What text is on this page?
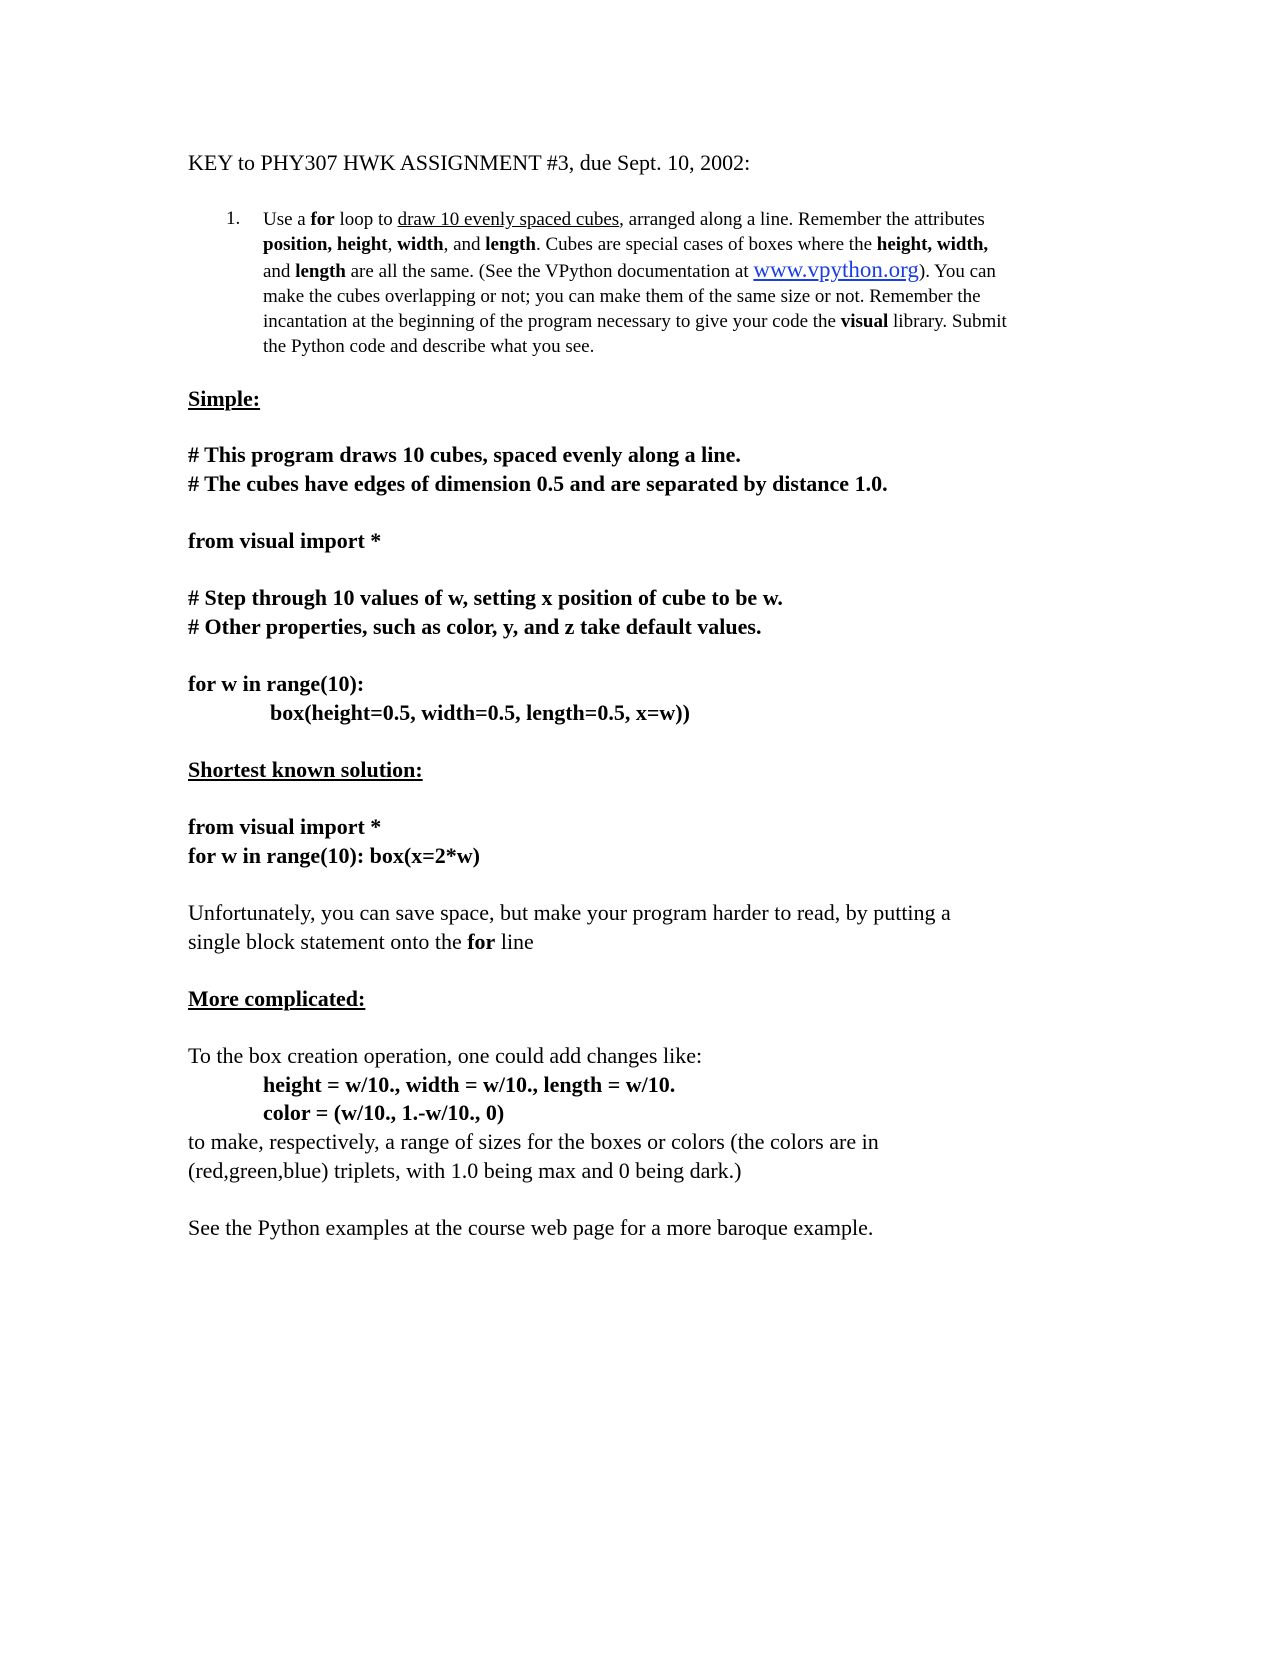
KEY to PHY307 HWK ASSIGNMENT #3, due Sept. 10, 2002:
1. Use a for loop to draw 10 evenly spaced cubes, arranged along a line. Remember the attributes
position, height, width, and length. Cubes are special cases of boxes where the height, width,
and length are all the same. (See the VPython documentation at www.vpython.org). You can
make the cubes overlapping or not; you can make them of the same size or not. Remember the
incantation at the beginning of the program necessary to give your code the visual library. Submit
the Python code and describe what you see.
Simple:
# This program draws 10 cubes, spaced evenly along a line.
# The cubes have edges of dimension 0.5 and are separated by distance 1.0.
from visual import *
# Step through 10 values of w, setting x position of cube to be w.
# Other properties, such as color, y, and z take default values.
for w in range(10):
box(height=0.5, width=0.5, length=0.5, x=w))
Shortest known solution:
from visual import *
for w in range(10): box(x=2*w)
Unfortunately, you can save space, but make your program harder to read, by putting a
single block statement onto the for line
More complicated:
To the box creation operation, one could add changes like:
height = w/10., width = w/10., length = w/10.
color = (w/10., 1.-w/10., 0)
to make, respectively, a range of sizes for the boxes or colors (the colors are in
(red,green,blue) triplets, with 1.0 being max and 0 being dark.)
See the Python examples at the course web page for a more baroque example.
